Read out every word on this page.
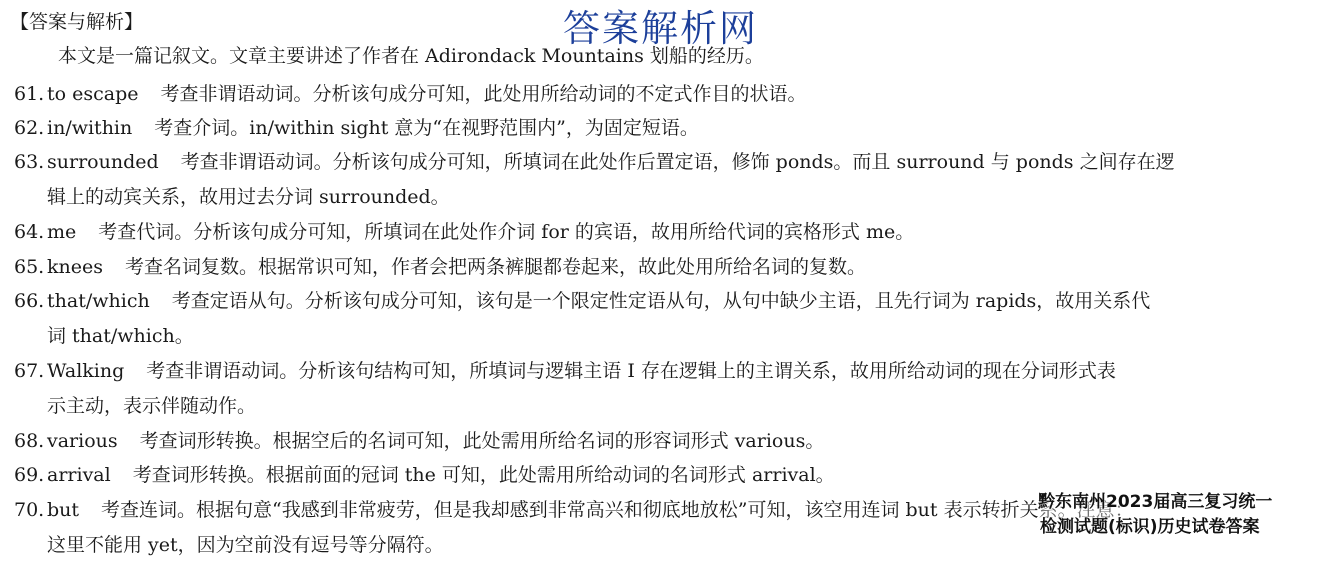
【答案与解析】	答案解析网
本文是一篇记叙文。文章主要讲述了作者在 Adirondack Mountains 划船的经历。
61. to escape 考查非谓语动词。分析该句成分可知，此处用所给动词的不定式作目的状语。
62. in/within 考查介词。in/within sight 意为“在视野范围内”，为固定短语。
63. surrounded 考查非谓语动词。分析该句成分可知，所填词在此处作后置定语，修饰 ponds。而且 surround 与 ponds 之间存在逻
辑上的动宾关系，故用过去分词 surrounded。
64. me 考查代词。分析该句成分可知，所填词在此处作介词 for 的宾语，故用所给代词的宾格形式 me。
65. knees 考查名词复数。根据常识可知，作者会把两条裤腿都卷起来，故此处用所给名词的复数。
66. that/which 考查定语从句。分析该句成分可知，该句是一个限定性定语从句，从句中缺少主语，且先行词为 rapids，故用关系代
词 that/which。
67. Walking 考查非谓语动词。分析该句结构可知，所填词与逻辑主语 I 存在逻辑上的主谓关系，故用所给动词的现在分词形式表
示主动，表示伴随动作。
68. various 考查词形转换。根据空后的名词可知，此处需用所给名词的形容词形式 various。
69. arrival 考查词形转换。根据前面的冠词 the 可知，此处需用所给动词的名词形式 arrival。
70. but 考查连词。根据句意“我感到非常疲劳，但是我却感到非常高兴和彻底地放松”可知，该空用连词 but 表示转折关系。注意：
这里不能用 yet，因为空前没有逗号等分隔符。
黔东南州2023届高三复习统一
检测试题(标识)历史试卷答案
